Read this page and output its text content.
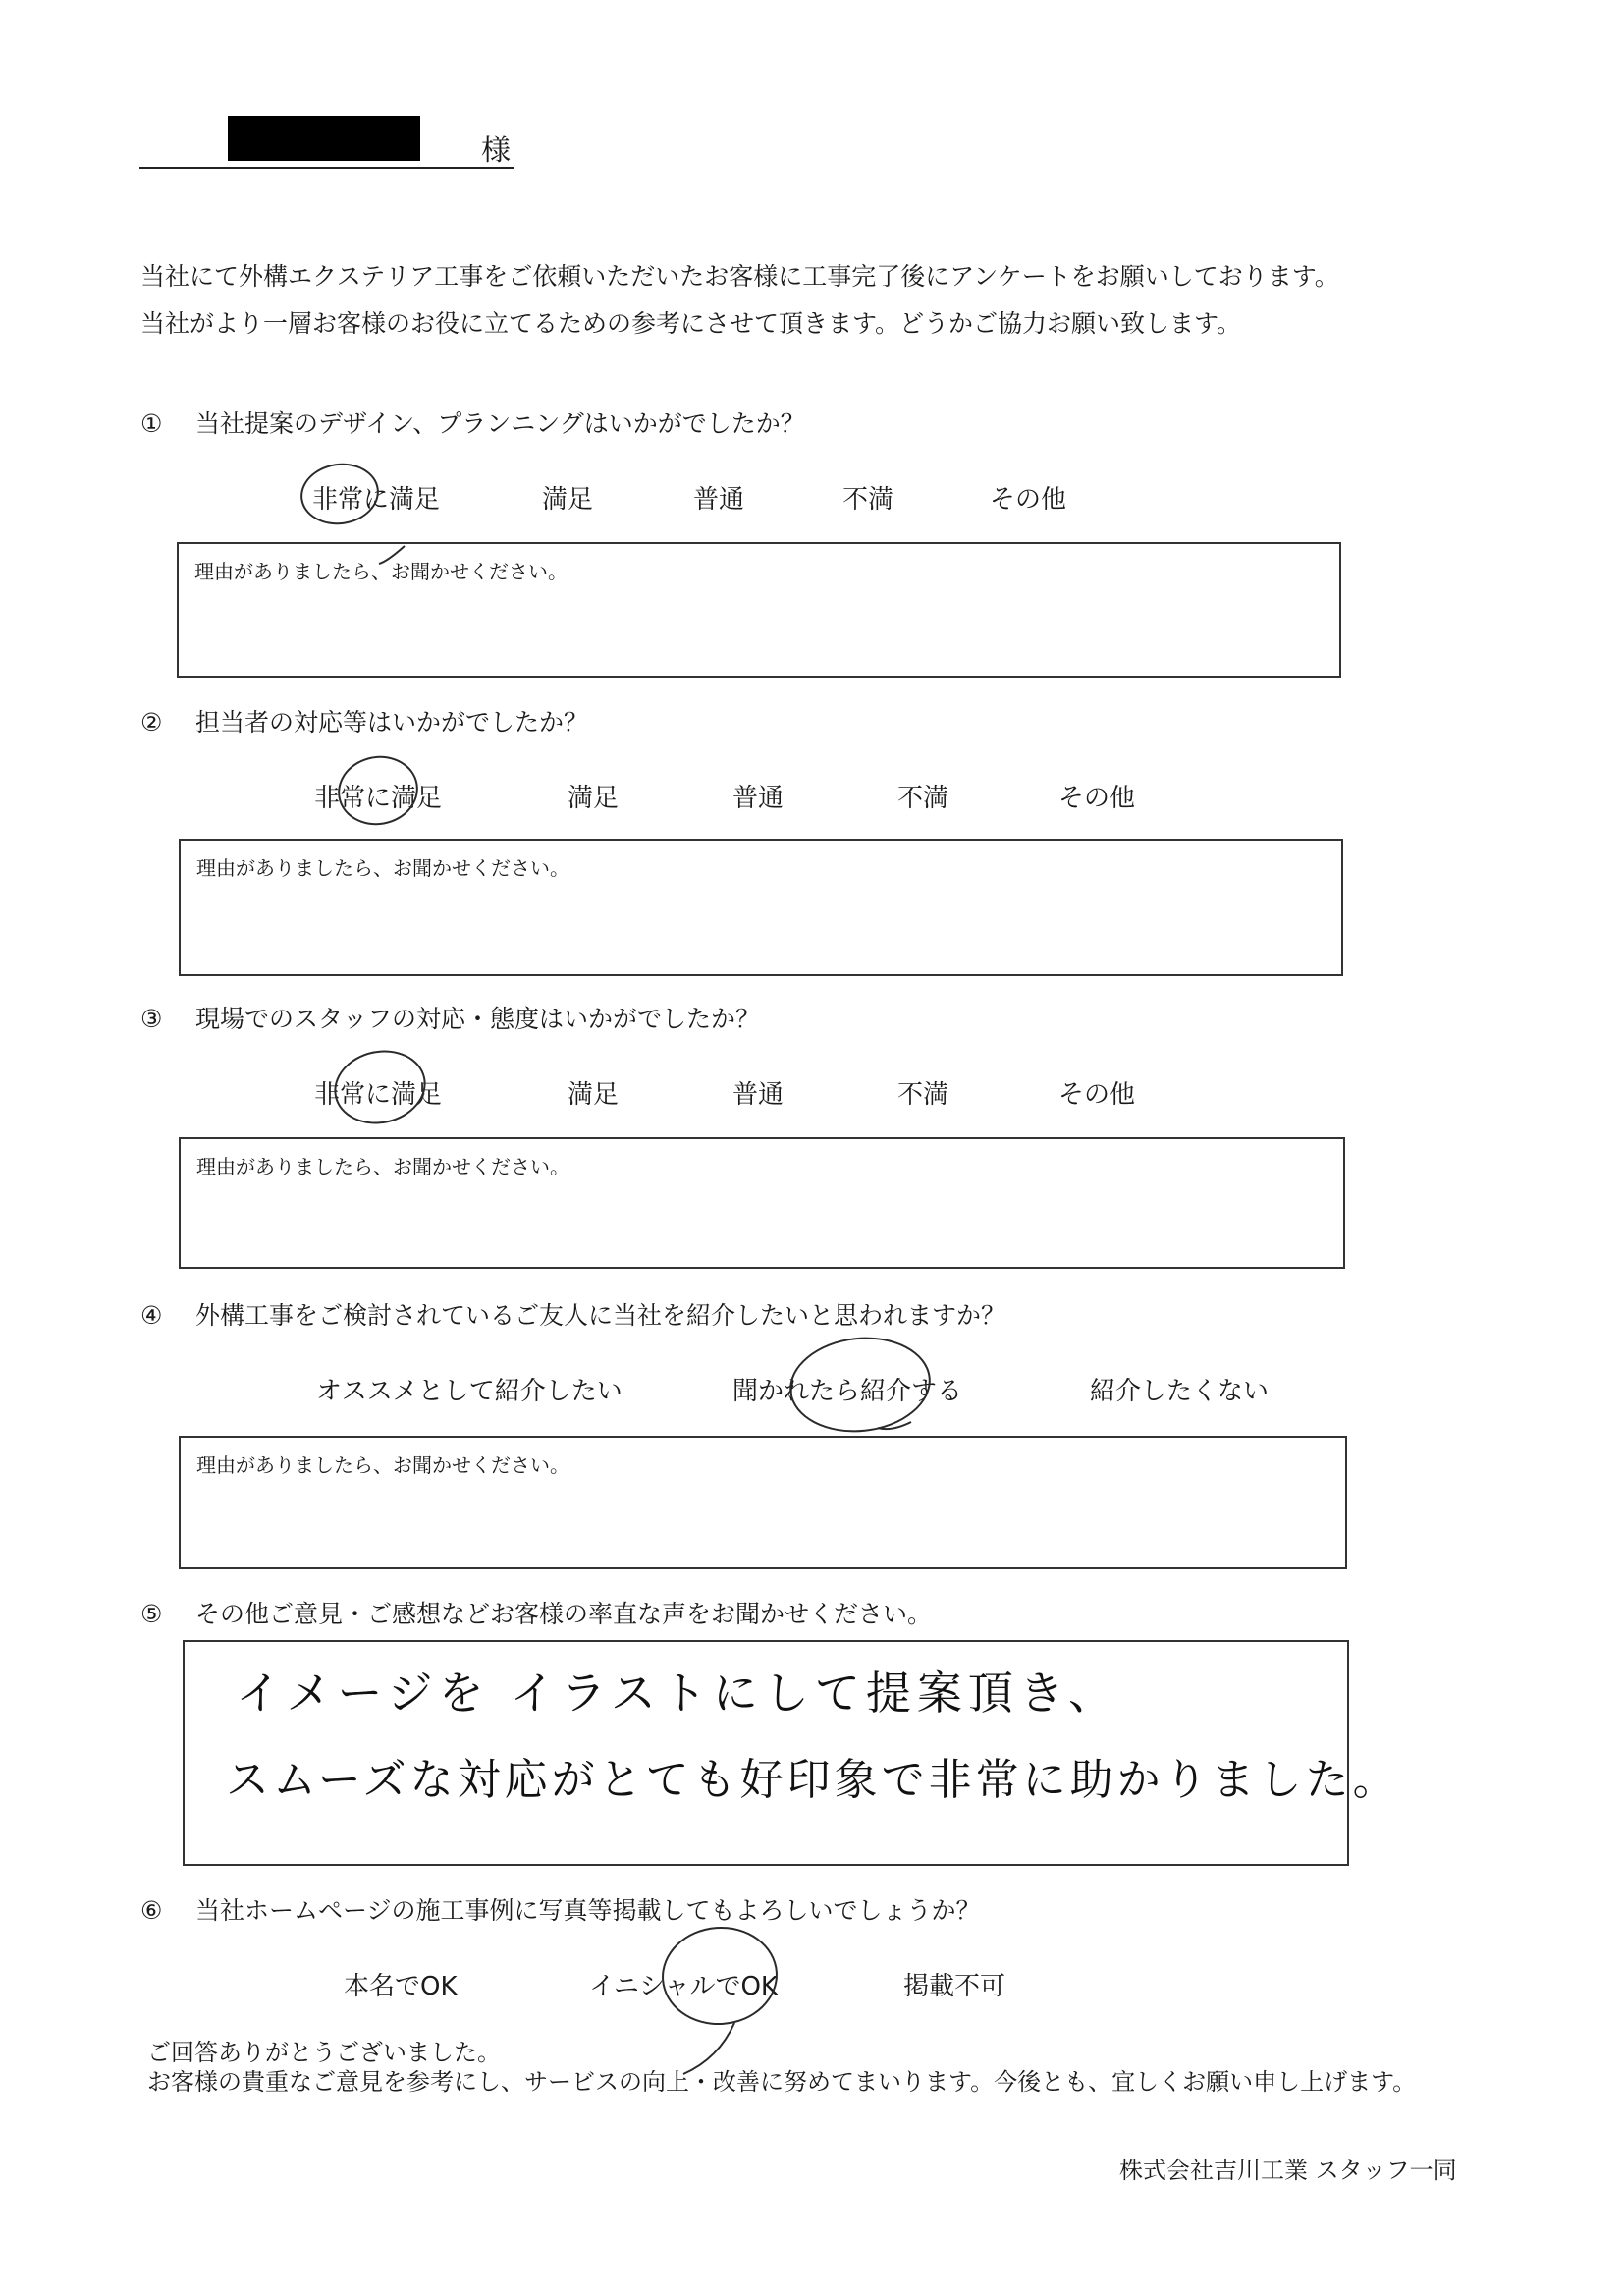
様
当社にて外構エクステリア工事をご依頼いただいたお客様に工事完了後にアンケートをお願いしております。
当社がより一層お客様のお役に立てるための参考にさせて頂きます。どうかご協力お願い致します。
① 当社提案のデザイン、プランニングはいかがでしたか？
非常に満足	満足	普通	不満	その他
理由がありましたら、お聞かせください。
② 担当者の対応等はいかがでしたか？
非常に満足	満足	普通	不満	その他
理由がありましたら、お聞かせください。
③ 現場でのスタッフの対応・態度はいかがでしたか？
非常に満足	満足	普通	不満	その他
理由がありましたら、お聞かせください。
④ 外構工事をご検討されているご友人に当社を紹介したいと思われますか？
オススメとして紹介したい	聞かれたら紹介する	紹介したくない
理由がありましたら、お聞かせください。
⑤ その他ご意見・ご感想などお客様の率直な声をお聞かせください。
イメージを イラストにして提案頂き、
スムーズな対応がとても好印象で非常に助かりました。
⑥ 当社ホームページの施工事例に写真等掲載してもよろしいでしょうか？
本名でOK	イニシャルでOK	掲載不可
ご回答ありがとうございました。
お客様の貴重なご意見を参考にし、サービスの向上・改善に努めてまいります。今後とも、宜しくお願い申し上げます。
株式会社吉川工業 スタッフ一同
